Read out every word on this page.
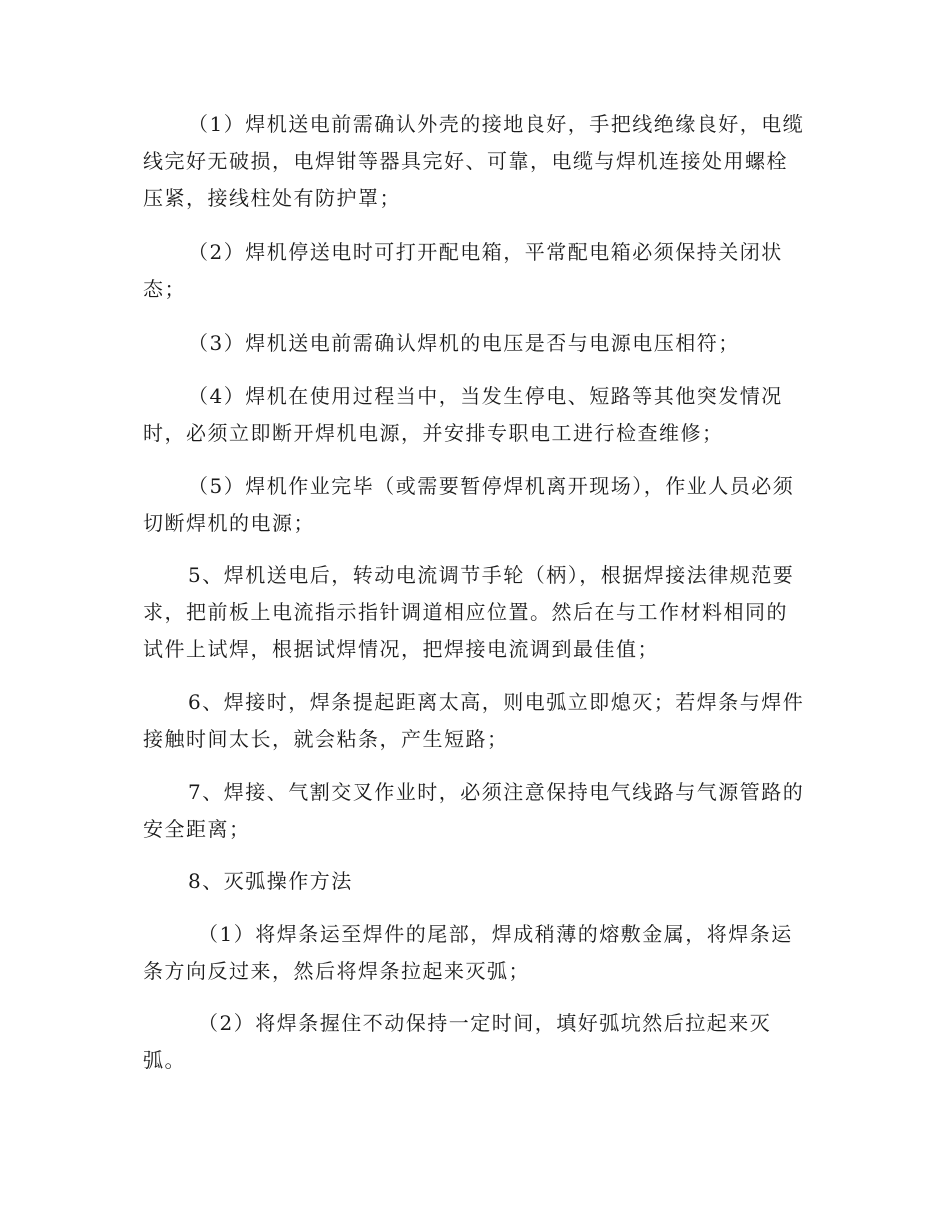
（1）焊机送电前需确认外壳的接地良好，手把线绝缘良好，电缆
线完好无破损，电焊钳等器具完好、可靠，电缆与焊机连接处用螺栓
压紧，接线柱处有防护罩；
（2）焊机停送电时可打开配电箱，平常配电箱必须保持关闭状
态；
（3）焊机送电前需确认焊机的电压是否与电源电压相符；
（4）焊机在使用过程当中，当发生停电、短路等其他突发情况
时，必须立即断开焊机电源，并安排专职电工进行检查维修；
（5）焊机作业完毕（或需要暂停焊机离开现场），作业人员必须
切断焊机的电源；
5、焊机送电后，转动电流调节手轮（柄），根据焊接法律规范要
求，把前板上电流指示指针调道相应位置。然后在与工作材料相同的
试件上试焊，根据试焊情况，把焊接电流调到最佳值；
6、焊接时，焊条提起距离太高，则电弧立即熄灭；若焊条与焊件
接触时间太长，就会粘条，产生短路；
7、焊接、气割交叉作业时，必须注意保持电气线路与气源管路的
安全距离；
8、灭弧操作方法
（1）将焊条运至焊件的尾部，焊成稍薄的熔敷金属，将焊条运
条方向反过来，然后将焊条拉起来灭弧；
（2）将焊条握住不动保持一定时间，填好弧坑然后拉起来灭
弧。
